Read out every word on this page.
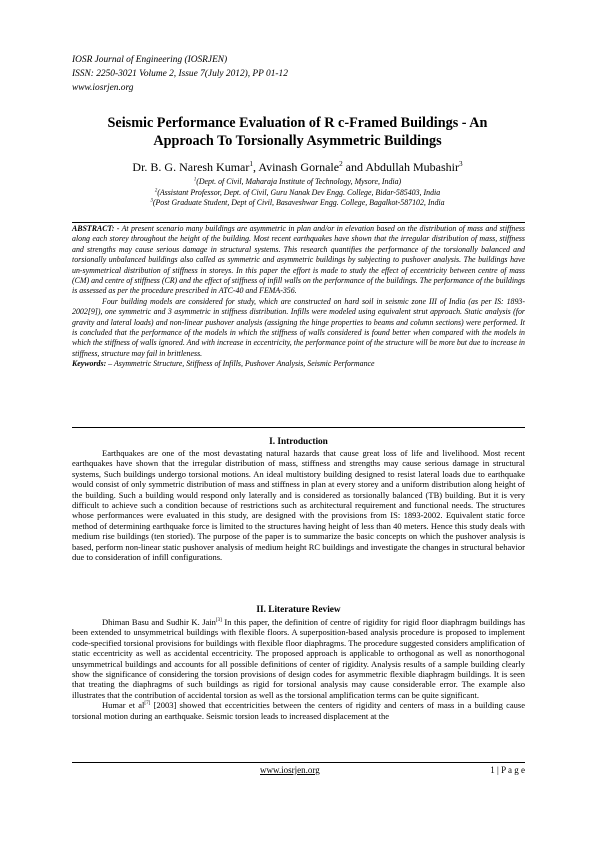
IOSR Journal of Engineering (IOSRJEN)
ISSN: 2250-3021 Volume 2, Issue 7(July 2012), PP 01-12
www.iosrjen.org
Seismic Performance Evaluation of R c-Framed Buildings - An
Approach To Torsionally Asymmetric Buildings
Dr. B. G. Naresh Kumar$^1$, Avinash Gornale$^2$ and Abdullah Mubashir$^3$
$^1$(Dept. of Civil, Maharaja Institute of Technology, Mysore, India)
$^2$(Assistant Professor, Dept. of Civil, Guru Nanak Dev Engg. College, Bidar-585403, India
$^3$(Post Graduate Student, Dept of Civil, Basaveshwar Engg. College, Bagalkot-587102, India

ABSTRACT: - At present scenario many buildings are asymmetric in plan and/or in elevation based on the distribution of mass and stiffness along each storey throughout the height of the building. Most recent earthquakes have shown that the irregular distribution of mass, stiffness and strengths may cause serious damage in structural systems. This research quantifies the performance of the torsionally balanced and torsionally unbalanced buildings also called as symmetric and asymmetric buildings by subjecting to pushover analysis. The buildings have un-symmetrical distribution of stiffness in storeys. In this paper the effort is made to study the effect of eccentricity between centre of mass (CM) and centre of stiffness (CR) and the effect of stiffness of infill walls on the performance of the buildings. The performance of the buildings is assessed as per the procedure prescribed in ATC-40 and FEMA-356.

Four building models are considered for study, which are constructed on hard soil in seismic zone III of India (as per IS: 1893-2002[9]), one symmetric and 3 asymmetric in stiffness distribution. Infills were modeled using equivalent strut approach. Static analysis (for gravity and lateral loads) and non-linear pushover analysis (assigning the hinge properties to beams and column sections) were performed. It is concluded that the performance of the models in which the stiffness of walls considered is found better when compared with the models in which the stiffness of walls ignored. And with increase in eccentricity, the performance point of the structure will be more but due to increase in stiffness, structure may fail in brittleness.

Keywords: – Asymmetric Structure, Stiffness of Infills, Pushover Analysis, Seismic Performance

I. Introduction

Earthquakes are one of the most devastating natural hazards that cause great loss of life and livelihood. Most recent earthquakes have shown that the irregular distribution of mass, stiffness and strengths may cause serious damage in structural systems, Such buildings undergo torsional motions. An ideal multistory building designed to resist lateral loads due to earthquake would consist of only symmetric distribution of mass and stiffness in plan at every storey and a uniform distribution along height of the building. Such a building would respond only laterally and is considered as torsionally balanced (TB) building. But it is very difficult to achieve such a condition because of restrictions such as architectural requirement and functional needs. The structures whose performances were evaluated in this study, are designed with the provisions from IS: 1893-2002. Equivalent static force method of determining earthquake force is limited to the structures having height of less than 40 meters. Hence this study deals with medium rise buildings (ten storied). The purpose of the paper is to summarize the basic concepts on which the pushover analysis is based, perform non-linear static pushover analysis of medium height RC buildings and investigate the changes in structural behavior due to consideration of infill configurations.

II. Literature Review

Dhiman Basu and Sudhir K. Jain[3] In this paper, the definition of centre of rigidity for rigid floor diaphragm buildings has been extended to unsymmetrical buildings with flexible floors. A superposition-based analysis procedure is proposed to implement code-specified torsional provisions for buildings with flexible floor diaphragms. The procedure suggested considers amplification of static eccentricity as well as accidental eccentricity. The proposed approach is applicable to orthogonal as well as nonorthogonal unsymmetrical buildings and accounts for all possible definitions of center of rigidity. Analysis results of a sample building clearly show the significance of considering the torsion provisions of design codes for asymmetric flexible diaphragm buildings. It is seen that treating the diaphragms of such buildings as rigid for torsional analysis may cause considerable error. The example also illustrates that the contribution of accidental torsion as well as the torsional amplification terms can be quite significant.

Humar et al[7] [2003] showed that eccentricities between the centers of rigidity and centers of mass in a building cause torsional motion during an earthquake. Seismic torsion leads to increased displacement at the

www.iosrjen.org	1 | P a g e
